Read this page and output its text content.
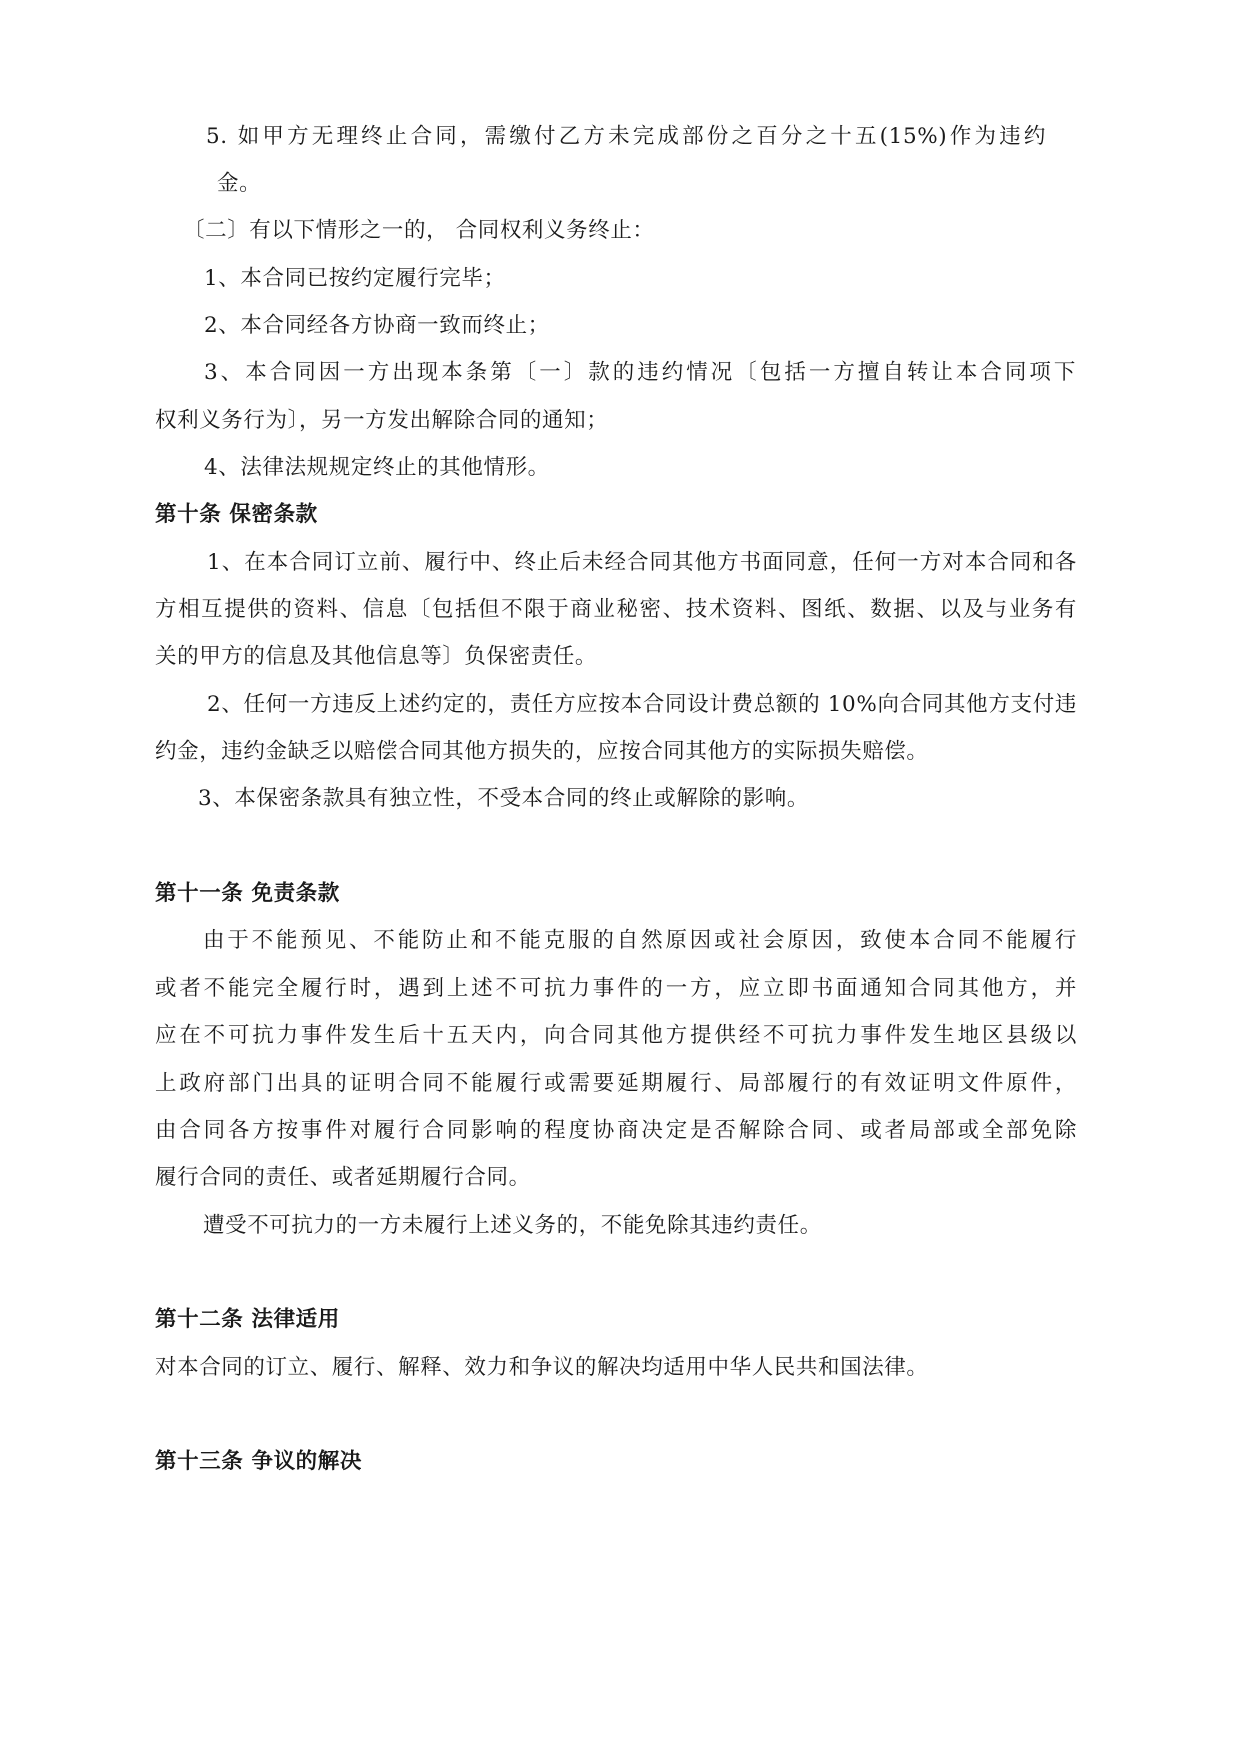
5. 如甲方无理终止合同，需缴付乙方未完成部份之百分之十五(15%)作为违约
金。
〔二〕有以下情形之一的， 合同权利义务终止：
1、本合同已按约定履行完毕；
2、本合同经各方协商一致而终止；
3、本合同因一方出现本条第〔一〕款的违约情况〔包括一方擅自转让本合同项下
权利义务行为〕，另一方发出解除合同的通知；
4、法律法规规定终止的其他情形。
第十条 保密条款
1、在本合同订立前、履行中、终止后未经合同其他方书面同意，任何一方对本合同和各
方相互提供的资料、信息〔包括但不限于商业秘密、技术资料、图纸、数据、以及与业务有
关的甲方的信息及其他信息等〕负保密责任。
2、任何一方违反上述约定的，责任方应按本合同设计费总额的 10%向合同其他方支付违
约金，违约金缺乏以赔偿合同其他方损失的，应按合同其他方的实际损失赔偿。
3、本保密条款具有独立性，不受本合同的终止或解除的影响。
第十一条 免责条款
由于不能预见、不能防止和不能克服的自然原因或社会原因，致使本合同不能履行
或者不能完全履行时，遇到上述不可抗力事件的一方，应立即书面通知合同其他方，并
应在不可抗力事件发生后十五天内，向合同其他方提供经不可抗力事件发生地区县级以
上政府部门出具的证明合同不能履行或需要延期履行、局部履行的有效证明文件原件，
由合同各方按事件对履行合同影响的程度协商决定是否解除合同、或者局部或全部免除
履行合同的责任、或者延期履行合同。
遭受不可抗力的一方未履行上述义务的，不能免除其违约责任。
第十二条 法律适用
对本合同的订立、履行、解释、效力和争议的解决均适用中华人民共和国法律。
第十三条 争议的解决
